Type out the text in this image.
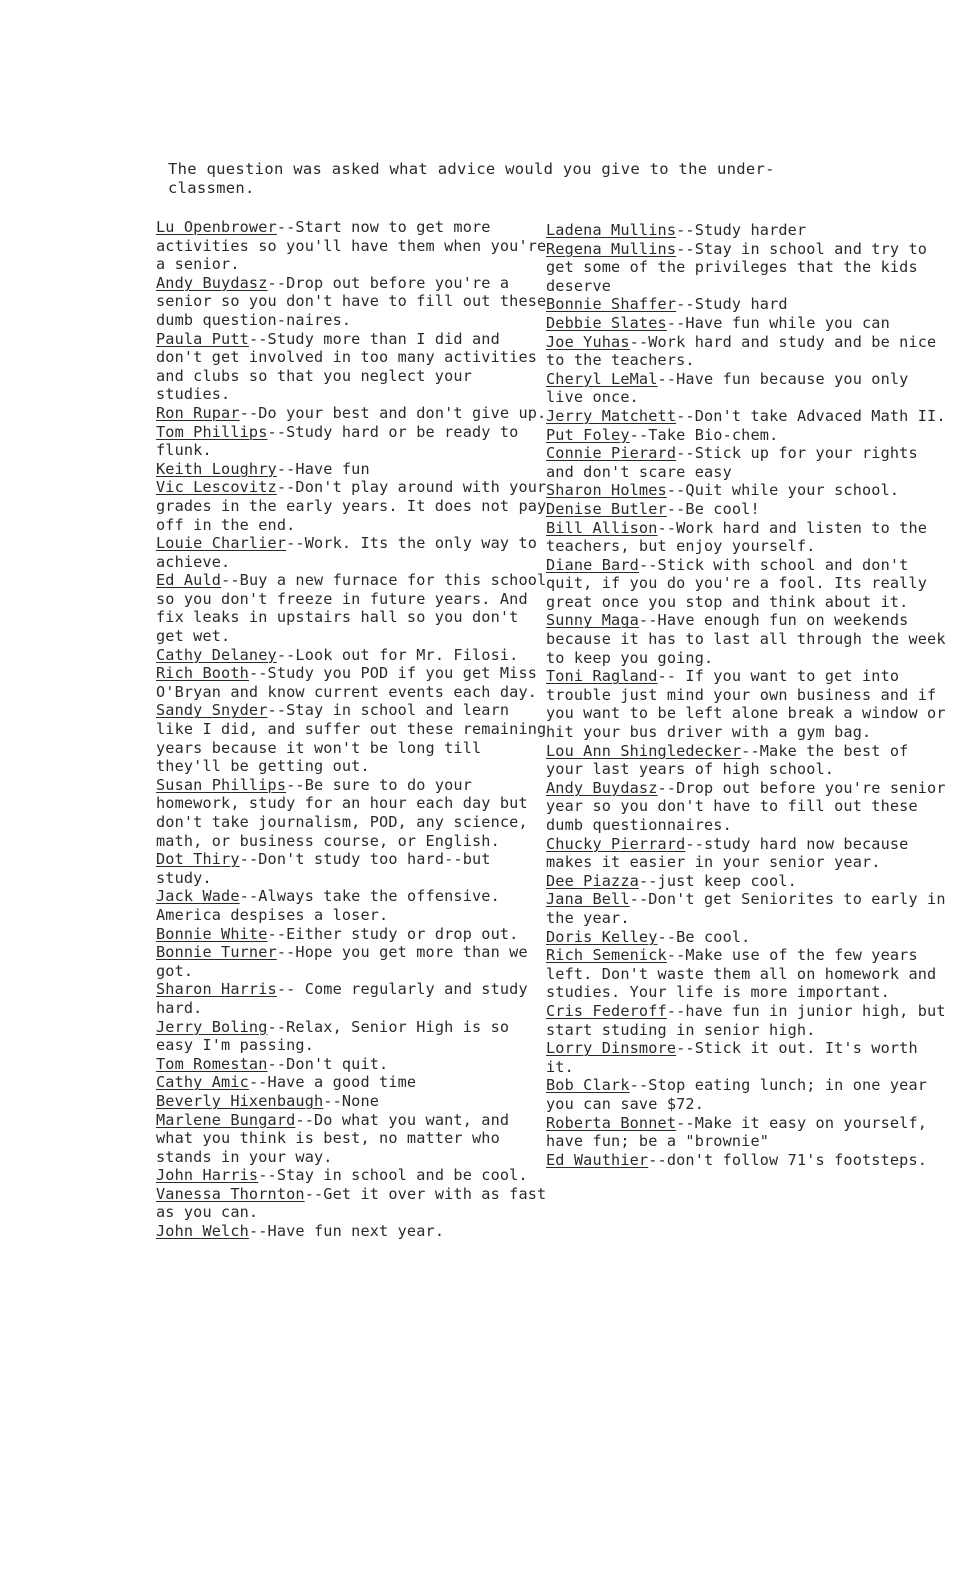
The question was asked what advice would you give to the under-
classmen.

Lu Openbrower--Start now to get more activities so you'll have them when you're a senior.

Andy Buydasz--Drop out before you're a senior so you don't have to fill out these dumb question-naires.

Paula Putt--Study more than I did and don't get involved in too many activities and clubs so that you neglect your studies.

Ron Rupar--Do your best and don't give up.

Tom Phillips--Study hard or be ready to flunk.

Keith Loughry--Have fun

Vic Lescovitz--Don't play around with your grades in the early years. It does not pay off in the end.

Louie Charlier--Work. Its the only way to achieve.

Ed Auld--Buy a new furnace for this school so you don't freeze in future years. And fix leaks in upstairs hall so you don't get wet.

Cathy Delaney--Look out for Mr. Filosi.

Rich Booth--Study you POD if you get Miss O'Bryan and know current events each day.

Sandy Snyder--Stay in school and learn like I did, and suffer out these remaining years because it won't be long till they'll be getting out.

Susan Phillips--Be sure to do your homework, study for an hour each day but don't take journalism, POD, any science, math, or business course, or English.

Dot Thiry--Don't study too hard--but study.

Jack Wade--Always take the offensive. America despises a loser.

Bonnie White--Either study or drop out.

Bonnie Turner--Hope you get more than we got.

Sharon Harris-- Come regularly and study hard.

Jerry Boling--Relax, Senior High is so easy I'm passing.

Tom Romestan--Don't quit.

Cathy Amic--Have a good time

Beverly Hixenbaugh--None

Marlene Bungard--Do what you want, and what you think is best, no matter who stands in your way.

John Harris--Stay in school and be cool.

Vanessa Thornton--Get it over with as fast as you can.

John Welch--Have fun next year.

Ladena Mullins--Study harder

Regena Mullins--Stay in school and try to get some of the privileges that the kids deserve

Bonnie Shaffer--Study hard

Debbie Slates--Have fun while you can

Joe Yuhas--Work hard and study and be nice to the teachers.

Cheryl LeMal--Have fun because you only live once.

Jerry Matchett--Don't take Advaced Math II.

Put Foley--Take Bio-chem.

Connie Pierard--Stick up for your rights and don't scare easy

Sharon Holmes--Quit while your school.

Denise Butler--Be cool!

Bill Allison--Work hard and listen to the teachers, but enjoy yourself.

Diane Bard--Stick with school and don't quit, if you do you're a fool. Its really great once you stop and think about it.

Sunny Maga--Have enough fun on weekends because it has to last all through the week to keep you going.

Toni Ragland-- If you want to get into trouble just mind your own business and if you want to be left alone break a window or hit your bus driver with a gym bag.

Lou Ann Shingledecker--Make the best of your last years of high school.

Andy Buydasz--Drop out before you're senior year so you don't have to fill out these dumb questionnaires.

Chucky Pierrard--study hard now because makes it easier in your senior year.

Dee Piazza--just keep cool.

Jana Bell--Don't get Seniorites to early in the year.

Doris Kelley--Be cool.

Rich Semenick--Make use of the few years left. Don't waste them all on homework and studies. Your life is more important.

Cris Federoff--have fun in junior high, but start studing in senior high.

Lorry Dinsmore--Stick it out. It's worth it.

Bob Clark--Stop eating lunch; in one year you can save $72.

Roberta Bonnet--Make it easy on yourself, have fun; be a "brownie"

Ed Wauthier--don't follow 71's footsteps.
